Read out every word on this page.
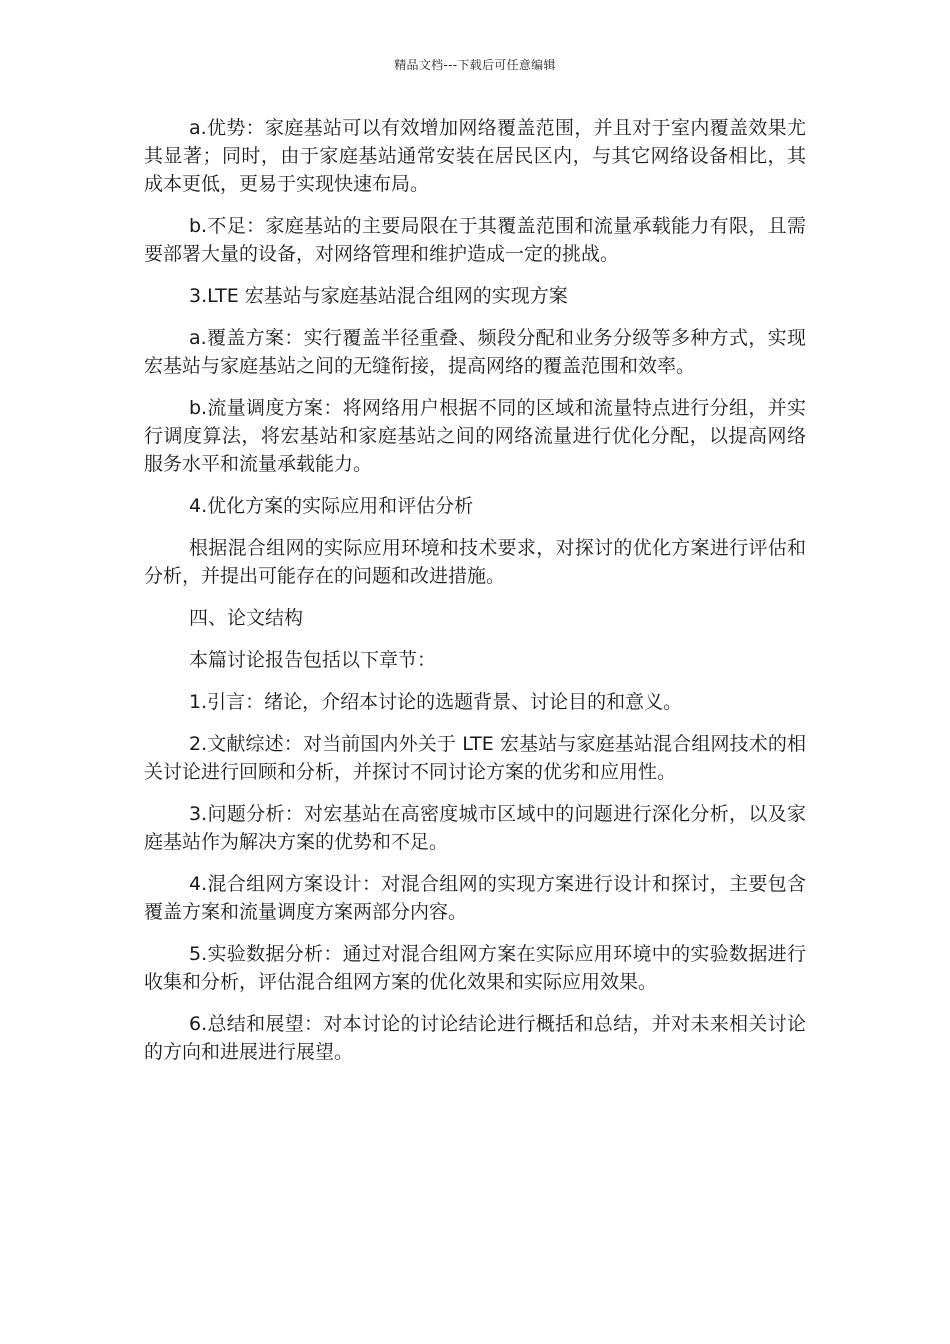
精品文档---下载后可任意编辑

a.优势：家庭基站可以有效增加网络覆盖范围，并且对于室内覆盖效果尤其显著；同时，由于家庭基站通常安装在居民区内，与其它网络设备相比，其成本更低，更易于实现快速布局。

b.不足：家庭基站的主要局限在于其覆盖范围和流量承载能力有限，且需要部署大量的设备，对网络管理和维护造成一定的挑战。

3.LTE 宏基站与家庭基站混合组网的实现方案

a.覆盖方案：实行覆盖半径重叠、频段分配和业务分级等多种方式，实现宏基站与家庭基站之间的无缝衔接，提高网络的覆盖范围和效率。

b.流量调度方案：将网络用户根据不同的区域和流量特点进行分组，并实行调度算法，将宏基站和家庭基站之间的网络流量进行优化分配，以提高网络服务水平和流量承载能力。

4.优化方案的实际应用和评估分析

根据混合组网的实际应用环境和技术要求，对探讨的优化方案进行评估和分析，并提出可能存在的问题和改进措施。

四、论文结构

本篇讨论报告包括以下章节：

1.引言：绪论，介绍本讨论的选题背景、讨论目的和意义。

2.文献综述：对当前国内外关于 LTE 宏基站与家庭基站混合组网技术的相关讨论进行回顾和分析，并探讨不同讨论方案的优劣和应用性。

3.问题分析：对宏基站在高密度城市区域中的问题进行深化分析，以及家庭基站作为解决方案的优势和不足。

4.混合组网方案设计：对混合组网的实现方案进行设计和探讨，主要包含覆盖方案和流量调度方案两部分内容。

5.实验数据分析：通过对混合组网方案在实际应用环境中的实验数据进行收集和分析，评估混合组网方案的优化效果和实际应用效果。

6.总结和展望：对本讨论的讨论结论进行概括和总结，并对未来相关讨论的方向和进展进行展望。
